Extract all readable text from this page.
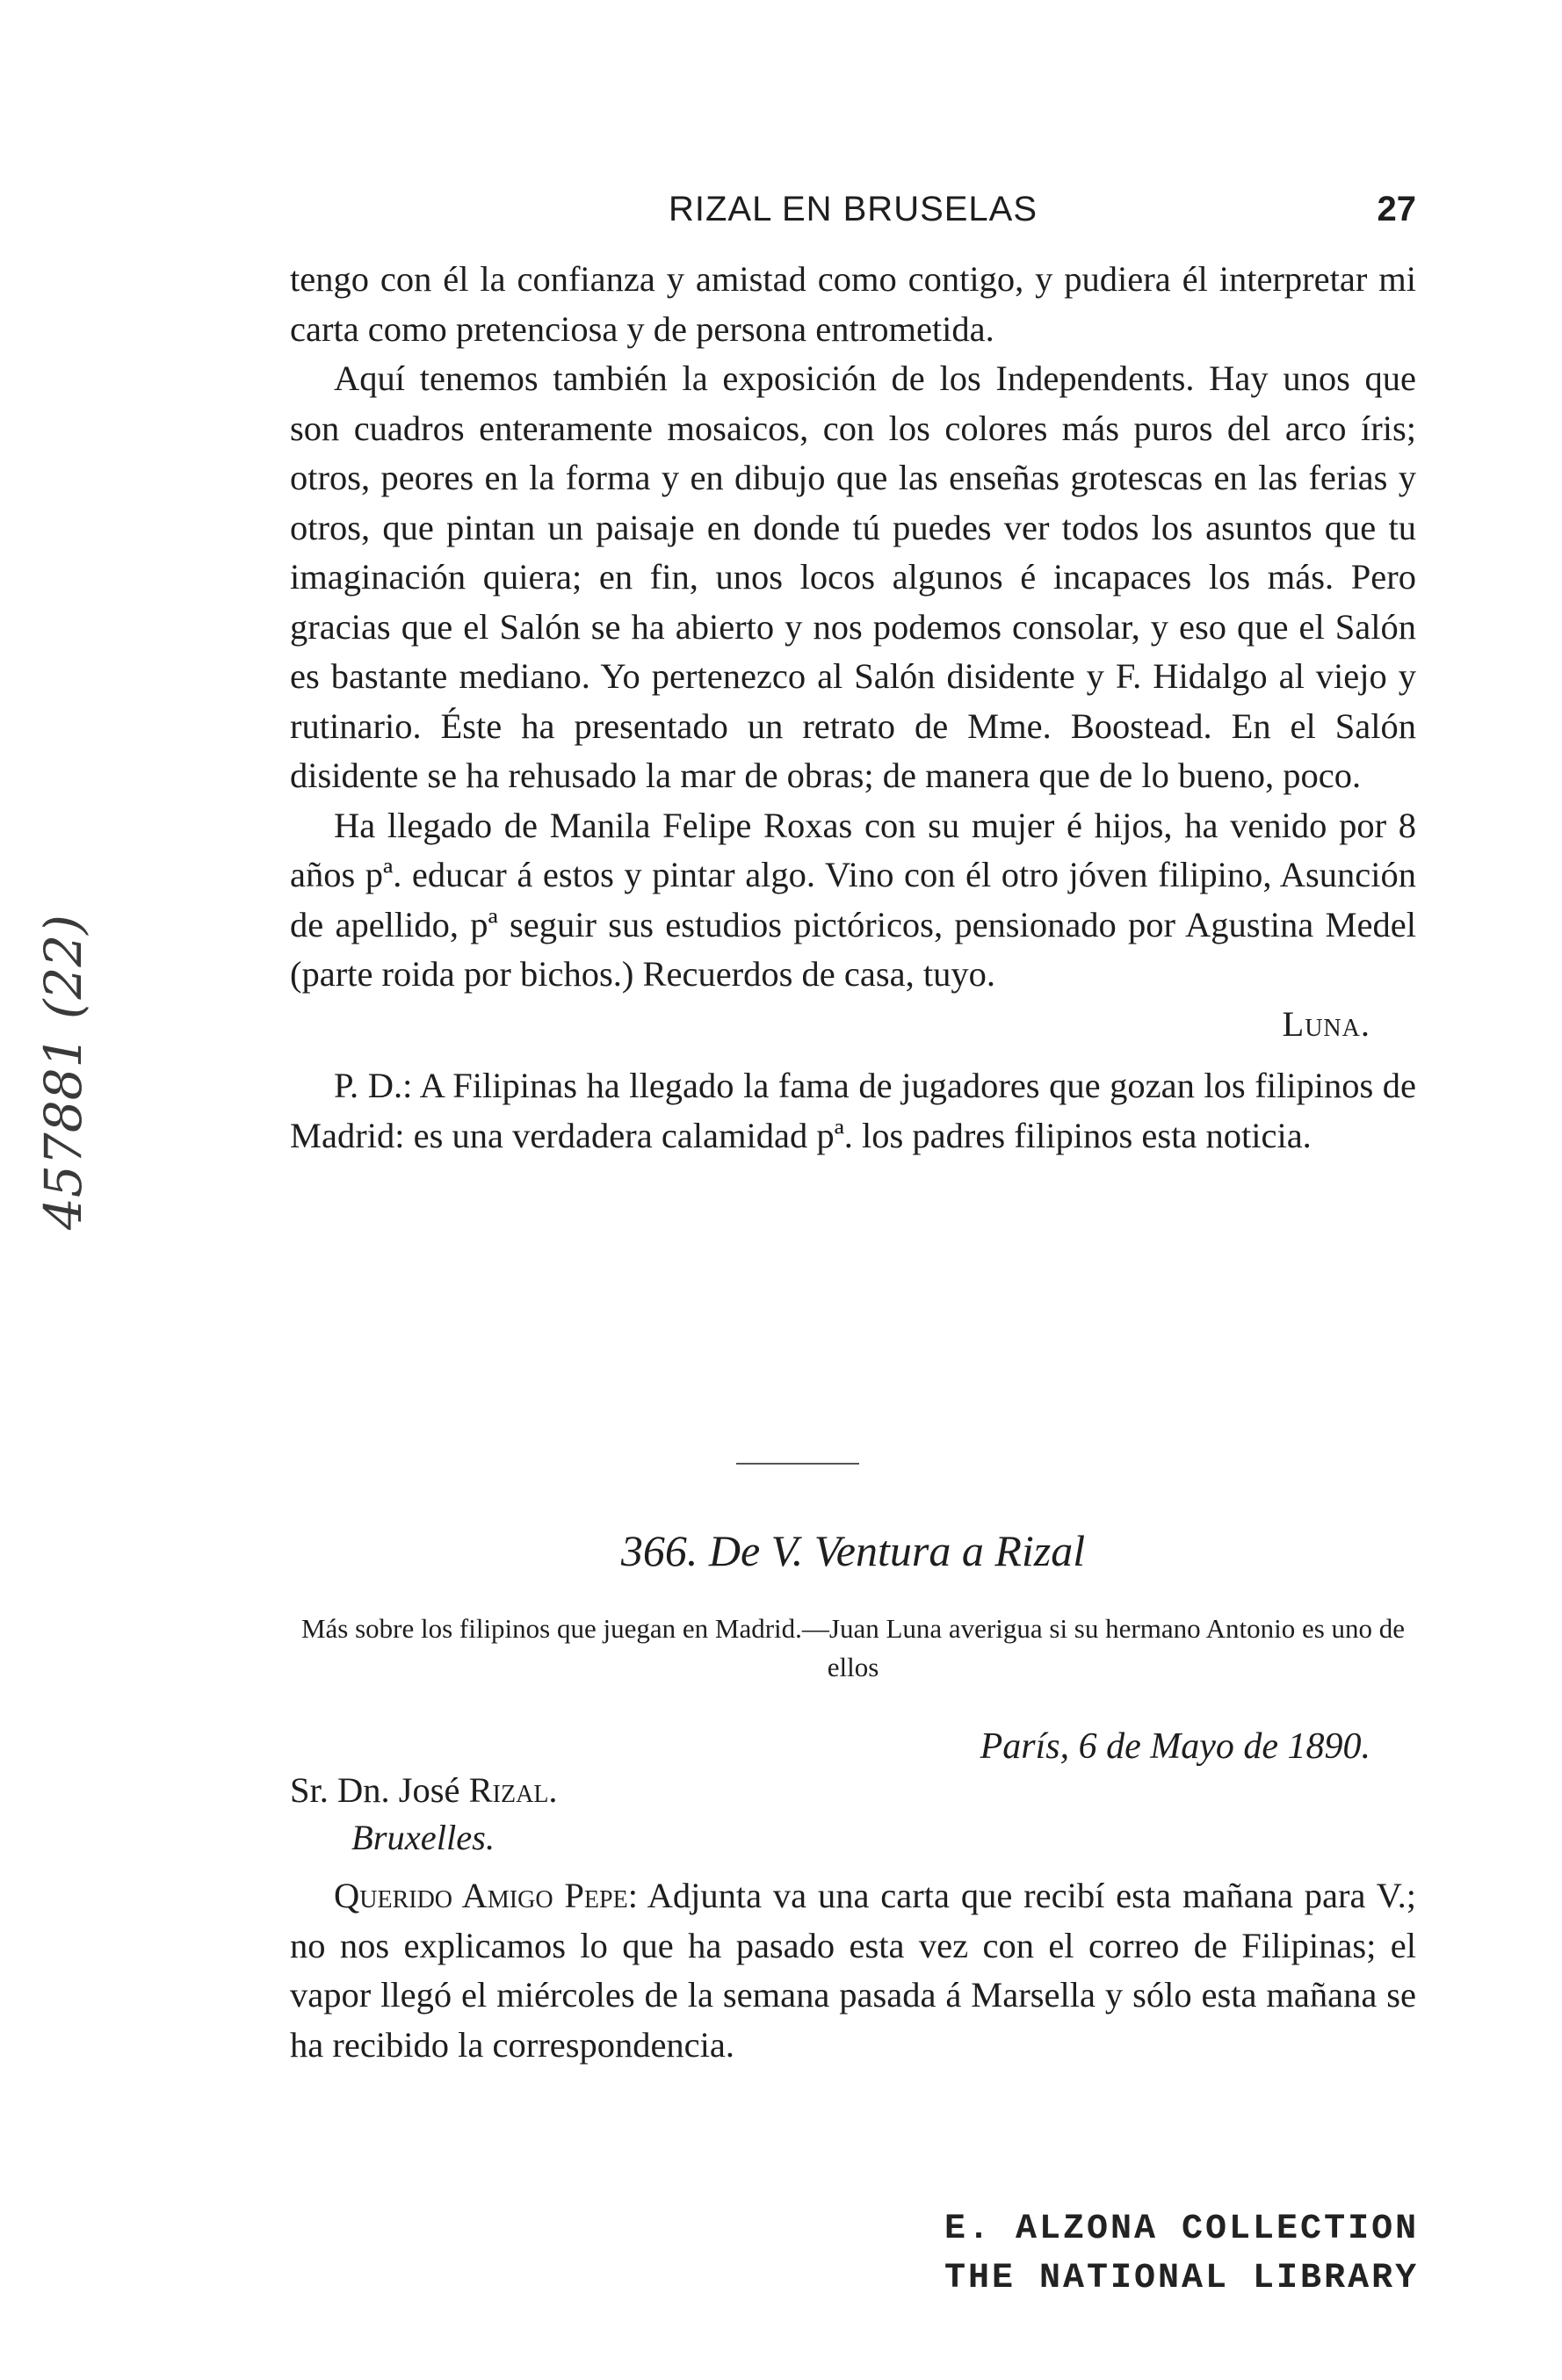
RIZAL EN BRUSELAS	27
457881 (22)

tengo con él la confianza y amistad como contigo, y pudiera él interpretar mi carta como pretenciosa y de persona entrometida.

Aquí tenemos también la exposición de los Independents. Hay unos que son cuadros enteramente mosaicos, con los colores más puros del arco íris; otros, peores en la forma y en dibujo que las enseñas grotescas en las ferias y otros, que pintan un paisaje en donde tú puedes ver todos los asuntos que tu imaginación quiera; en fin, unos locos algunos é incapaces los más. Pero gracias que el Salón se ha abierto y nos podemos consolar, y eso que el Salón es bastante mediano. Yo pertenezco al Salón disidente y F. Hidalgo al viejo y rutinario. Éste ha presentado un retrato de Mme. Boostead. En el Salón disidente se ha rehusado la mar de obras; de manera que de lo bueno, poco.

Ha llegado de Manila Felipe Roxas con su mujer é hijos, ha venido por 8 años pª. educar á estos y pintar algo. Vino con él otro jóven filipino, Asunción de apellido, pª seguir sus estudios pictóricos, pensionado por Agustina Medel (parte roida por bichos.) Recuerdos de casa, tuyo.

Luna.

P. D.: A Filipinas ha llegado la fama de jugadores que gozan los filipinos de Madrid: es una verdadera calamidad pª. los padres filipinos esta noticia.

366. De V. Ventura a Rizal
Más sobre los filipinos que juegan en Madrid.—Juan Luna averigua si su hermano Antonio es uno de ellos
París, 6 de Mayo de 1890.
Sr. Dn. José Rizal.
Bruxelles.

Querido Amigo Pepe: Adjunta va una carta que recibí esta mañana para V.; no nos explicamos lo que ha pasado esta vez con el correo de Filipinas; el vapor llegó el miércoles de la semana pasada á Marsella y sólo esta mañana se ha recibido la correspondencia.

E. ALZONA COLLECTION
THE NATIONAL LIBRARY
